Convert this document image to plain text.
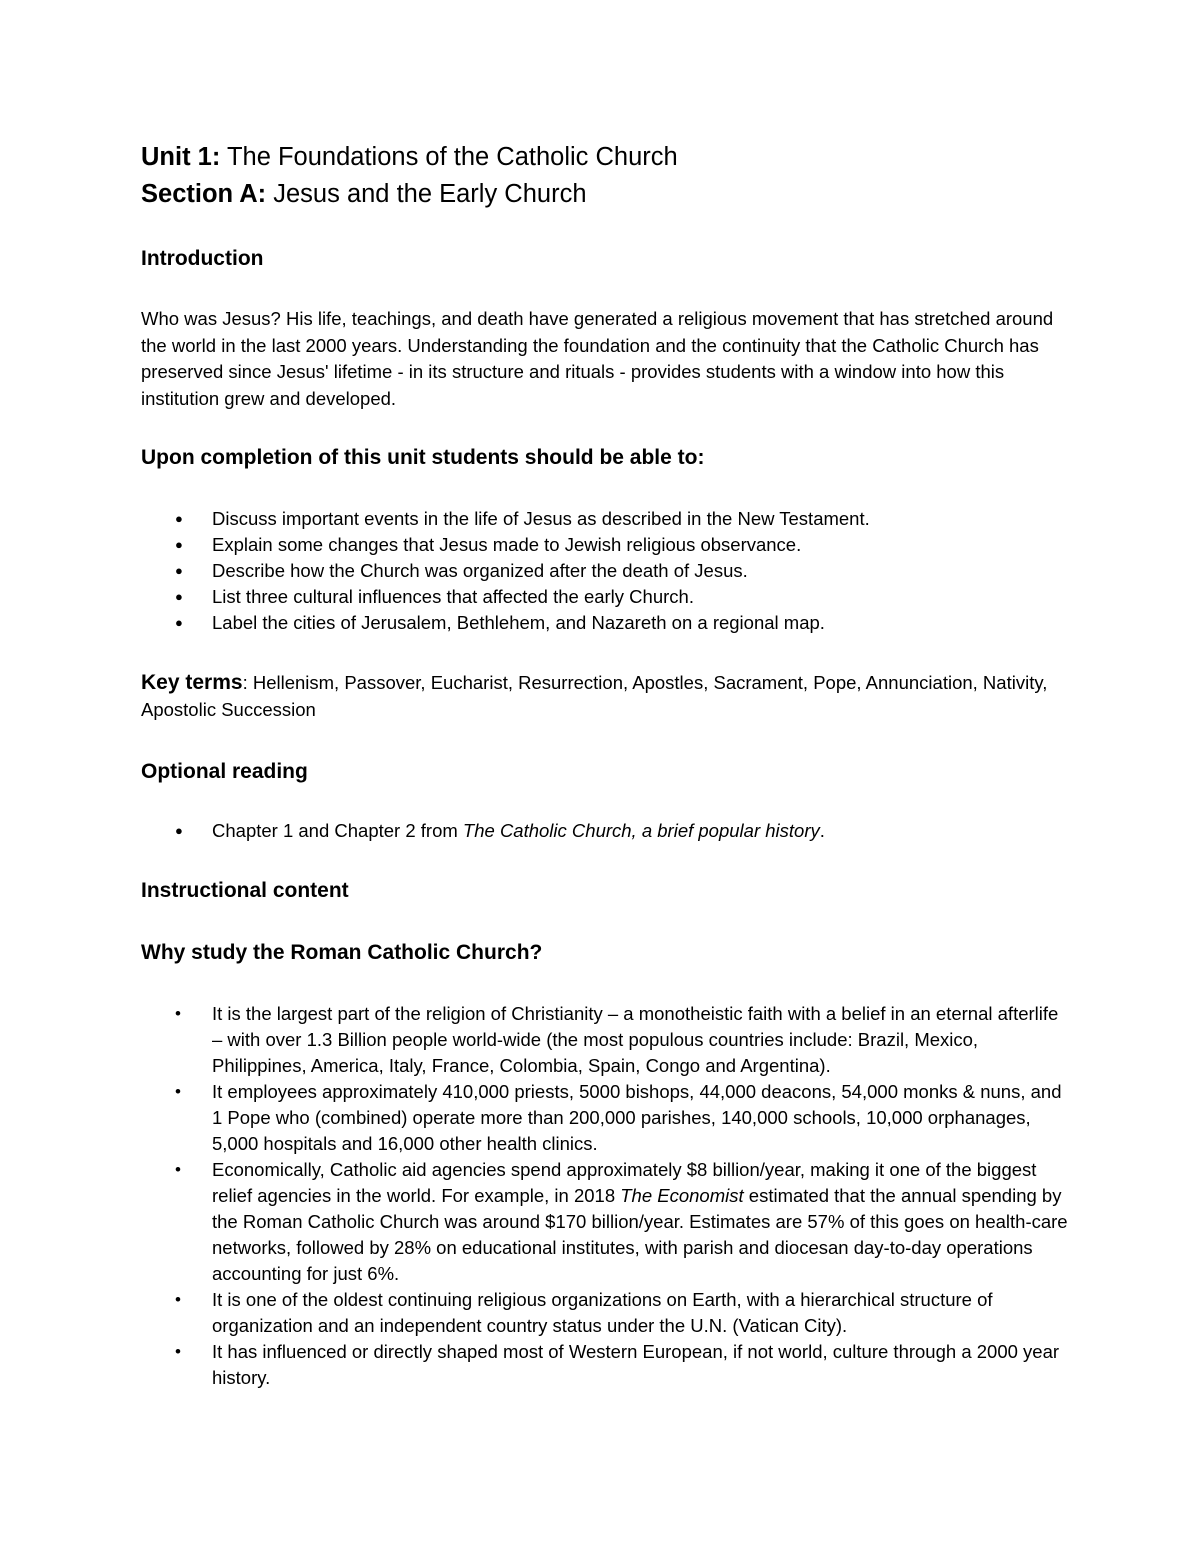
Unit 1: The Foundations of the Catholic Church
Section A: Jesus and the Early Church
Introduction

Who was Jesus? His life, teachings, and death have generated a religious movement that has stretched around the world in the last 2000 years. Understanding the foundation and the continuity that the Catholic Church has preserved since Jesus' lifetime - in its structure and rituals - provides students with a window into how this institution grew and developed.

Upon completion of this unit students should be able to:
● Discuss important events in the life of Jesus as described in the New Testament.
● Explain some changes that Jesus made to Jewish religious observance.
● Describe how the Church was organized after the death of Jesus.
● List three cultural influences that affected the early Church.
● Label the cities of Jerusalem, Bethlehem, and Nazareth on a regional map.

Key terms: Hellenism, Passover, Eucharist, Resurrection, Apostles, Sacrament, Pope, Annunciation, Nativity, Apostolic Succession

Optional reading
● Chapter 1 and Chapter 2 from The Catholic Church, a brief popular history.
Instructional content
Why study the Roman Catholic Church?
• It is the largest part of the religion of Christianity – a monotheistic faith with a belief in an eternal afterlife – with over 1.3 Billion people world-wide (the most populous countries include: Brazil, Mexico, Philippines, America, Italy, France, Colombia, Spain, Congo and Argentina).
• It employees approximately 410,000 priests, 5000 bishops, 44,000 deacons, 54,000 monks & nuns, and 1 Pope who (combined) operate more than 200,000 parishes, 140,000 schools, 10,000 orphanages, 5,000 hospitals and 16,000 other health clinics.
• Economically, Catholic aid agencies spend approximately $8 billion/year, making it one of the biggest relief agencies in the world. For example, in 2018 The Economist estimated that the annual spending by the Roman Catholic Church was around $170 billion/year. Estimates are 57% of this goes on health-care networks, followed by 28% on educational institutes, with parish and diocesan day-to-day operations accounting for just 6%.
• It is one of the oldest continuing religious organizations on Earth, with a hierarchical structure of organization and an independent country status under the U.N. (Vatican City).
• It has influenced or directly shaped most of Western European, if not world, culture through a 2000 year history.
